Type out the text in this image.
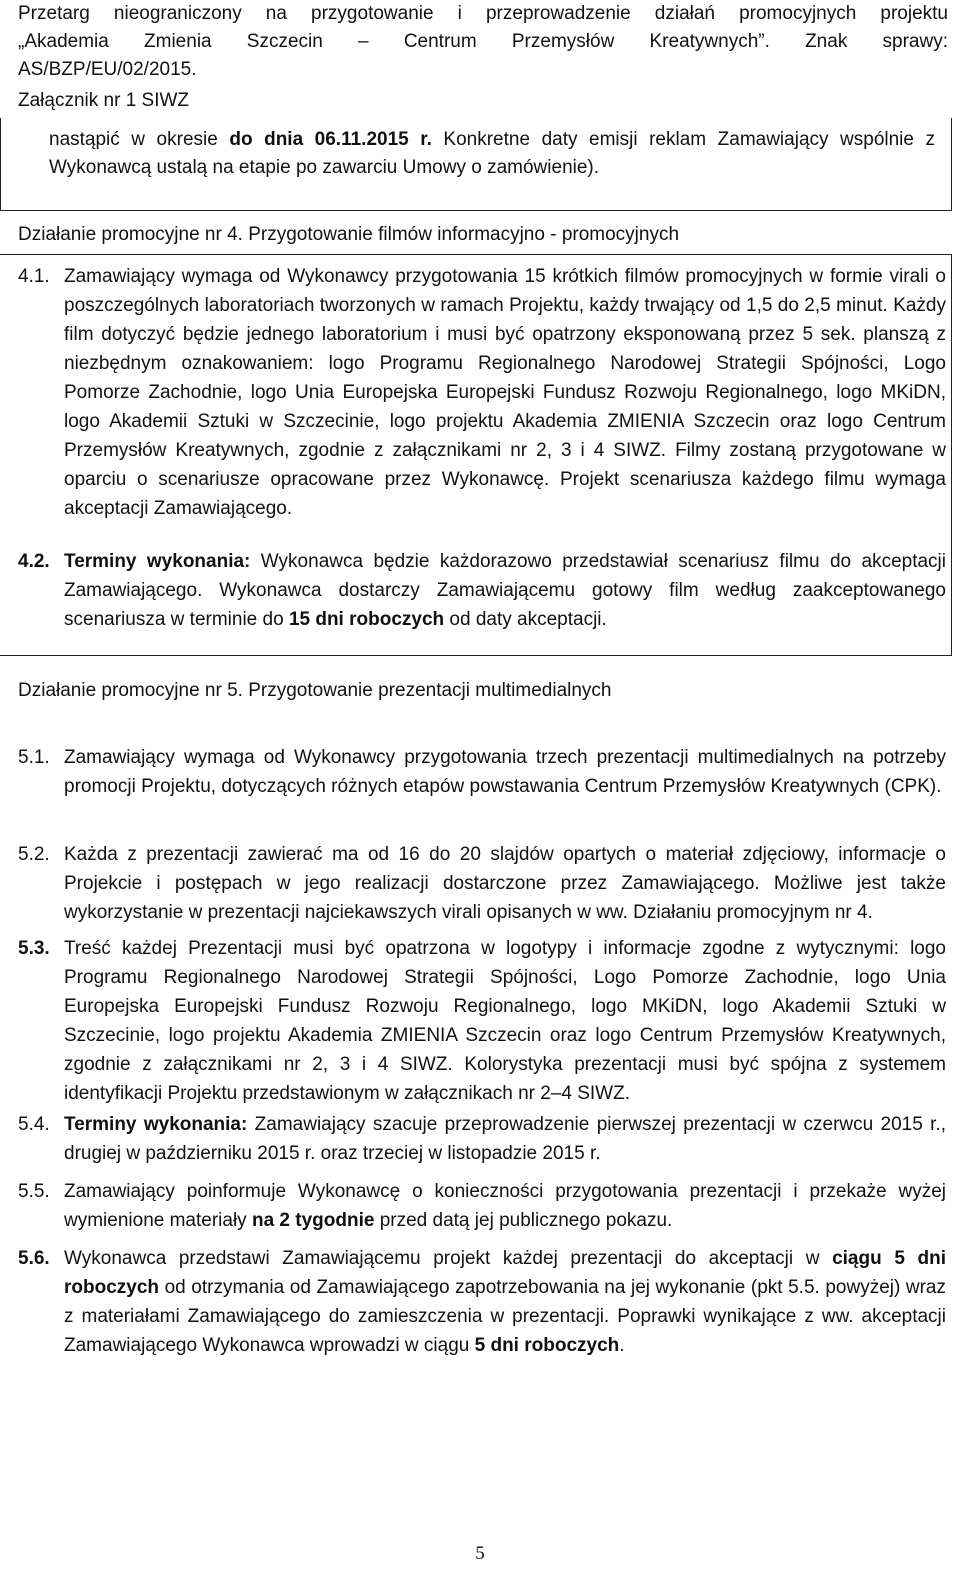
Przetarg nieograniczony na przygotowanie i przeprowadzenie działań promocyjnych projektu

„Akademia Zmienia Szczecin – Centrum Przemysłów Kreatywnych”. Znak sprawy:

AS/BZP/EU/02/2015.

Załącznik nr 1 SIWZ
nastąpić w okresie do dnia 06.11.2015 r. Konkretne daty emisji reklam Zamawiający wspólnie z Wykonawcą ustalą na etapie po zawarciu Umowy o zamówienie).
Działanie promocyjne nr 4. Przygotowanie filmów informacyjno - promocyjnych
4.1. Zamawiający wymaga od Wykonawcy przygotowania 15 krótkich filmów promocyjnych w formie virali o poszczególnych laboratoriach tworzonych w ramach Projektu, każdy trwający od 1,5 do 2,5 minut. Każdy film dotyczyć będzie jednego laboratorium i musi być opatrzony eksponowaną przez 5 sek. planszą z niezbędnym oznakowaniem: logo Programu Regionalnego Narodowej Strategii Spójności, Logo Pomorze Zachodnie, logo Unia Europejska Europejski Fundusz Rozwoju Regionalnego, logo MKiDN, logo Akademii Sztuki w Szczecinie, logo projektu Akademia ZMIENIA Szczecin oraz logo Centrum Przemysłów Kreatywnych, zgodnie z załącznikami nr 2, 3 i 4 SIWZ. Filmy zostaną przygotowane w oparciu o scenariusze opracowane przez Wykonawcę. Projekt scenariusza każdego filmu wymaga akceptacji Zamawiającego.
4.2. Terminy wykonania: Wykonawca będzie każdorazowo przedstawiał scenariusz filmu do akceptacji Zamawiającego. Wykonawca dostarczy Zamawiającemu gotowy film według zaakceptowanego scenariusza w terminie do 15 dni roboczych od daty akceptacji.
Działanie promocyjne nr 5. Przygotowanie prezentacji multimedialnych
5.1. Zamawiający wymaga od Wykonawcy przygotowania trzech prezentacji multimedialnych na potrzeby promocji Projektu, dotyczących różnych etapów powstawania Centrum Przemysłów Kreatywnych (CPK).
5.2. Każda z prezentacji zawierać ma od 16 do 20 slajdów opartych o materiał zdjęciowy, informacje o Projekcie i postępach w jego realizacji dostarczone przez Zamawiającego. Możliwe jest także wykorzystanie w prezentacji najciekawszych virali opisanych w ww. Działaniu promocyjnym nr 4.
5.3. Treść każdej Prezentacji musi być opatrzona w logotypy i informacje zgodne z wytycznymi: logo Programu Regionalnego Narodowej Strategii Spójności, Logo Pomorze Zachodnie, logo Unia Europejska Europejski Fundusz Rozwoju Regionalnego, logo MKiDN, logo Akademii Sztuki w Szczecinie, logo projektu Akademia ZMIENIA Szczecin oraz logo Centrum Przemysłów Kreatywnych, zgodnie z załącznikami nr 2, 3 i 4 SIWZ. Kolorystyka prezentacji musi być spójna z systemem identyfikacji Projektu przedstawionym w załącznikach nr 2–4 SIWZ.
5.4. Terminy wykonania: Zamawiający szacuje przeprowadzenie pierwszej prezentacji w czerwcu 2015 r., drugiej w październiku 2015 r. oraz trzeciej w listopadzie 2015 r.
5.5. Zamawiający poinformuje Wykonawcę o konieczności przygotowania prezentacji i przekaże wyżej wymienione materiały na 2 tygodnie przed datą jej publicznego pokazu.
5.6. Wykonawca przedstawi Zamawiającemu projekt każdej prezentacji do akceptacji w ciągu 5 dni roboczych od otrzymania od Zamawiającego zapotrzebowania na jej wykonanie (pkt 5.5. powyżej) wraz z materiałami Zamawiającego do zamieszczenia w prezentacji. Poprawki wynikające z ww. akceptacji Zamawiającego Wykonawca wprowadzi w ciągu 5 dni roboczych.
5
